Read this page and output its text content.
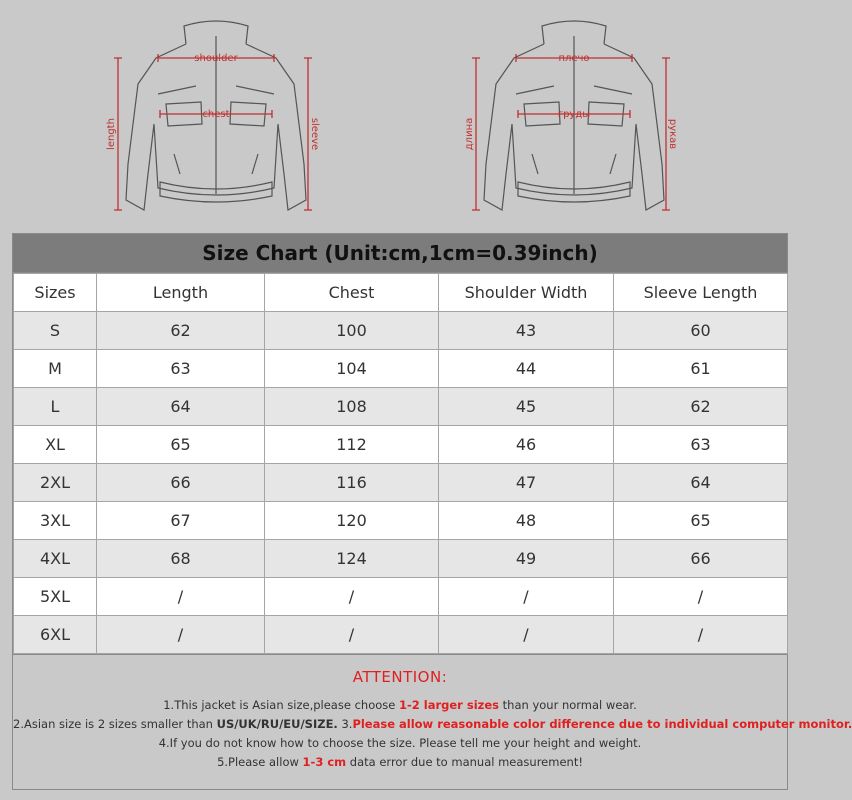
shoulder
chest
length	sleeve
плечо
груды
длина	рукав
Size Chart (Unit:cm,1cm=0.39inch)
Sizes	Length	Chest	Shoulder Width	Sleeve Length
S	62	100	43	60
M	63	104	44	61
L	64	108	45	62
XL	65	112	46	63
2XL	66	116	47	64
3XL	67	120	48	65
4XL	68	124	49	66
5XL	/	/	/	/
6XL	/	/	/	/
ATTENTION:
1.This jacket is Asian size,please choose 1-2 larger sizes than your normal wear.
2.Asian size is 2 sizes smaller than US/UK/RU/EU/SIZE. 3.Please allow reasonable color difference due to individual computer monitor.
4.If you do not know how to choose the size. Please tell me your height and weight.
5.Please allow 1-3 cm data error due to manual measurement!
